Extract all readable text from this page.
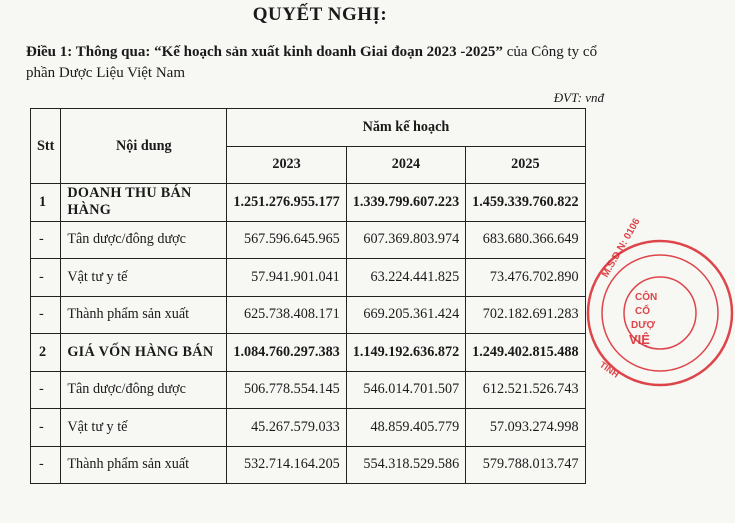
QUYẾT NGHỊ:
Điều 1: Thông qua: “Kế hoạch sản xuất kinh doanh Giai đoạn 2023 -2025” của Công ty cổ phần Dược Liệu Việt Nam
ĐVT: vnđ
Stt	Nội dung	Năm kế hoạch		
		2023	2024	2025
1	DOANH THU BÁN HÀNG	1.251.276.955.177	1.339.799.607.223	1.459.339.760.822
-	Tân dược/đông dược	567.596.645.965	607.369.803.974	683.680.366.649
-	Vật tư y tế	57.941.901.041	63.224.441.825	73.476.702.890
-	Thành phẩm sản xuất	625.738.408.171	669.205.361.424	702.182.691.283
2	GIÁ VỐN HÀNG BÁN	1.084.760.297.383	1.149.192.636.872	1.249.402.815.488
-	Tân dược/đông dược	506.778.554.145	546.014.701.507	612.521.526.743
-	Vật tư y tế	45.267.579.033	48.859.405.779	57.093.274.998
-	Thành phẩm sản xuất	532.714.164.205	554.318.529.586	579.788.013.747
M.S.D.N: 0106
CÔN
CỔ
DƯỢ
VIỆ
TỈNH
